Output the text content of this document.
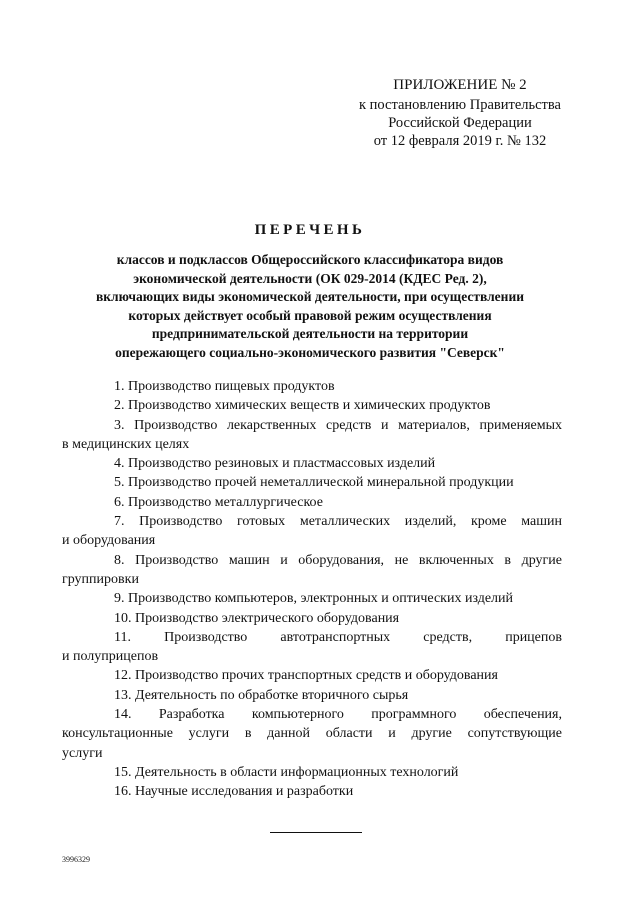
ПРИЛОЖЕНИЕ № 2
к постановлению Правительства
Российской Федерации
от 12 февраля 2019 г. № 132
ПЕРЕЧЕНЬ

классов и подклассов Общероссийского классификатора видов

экономической деятельности (ОК 029-2014 (КДЕС Ред. 2),

включающих виды экономической деятельности, при осуществлении

которых действует особый правовой режим осуществления

предпринимательской деятельности на территории

опережающего социально-экономического развития "Северск"

1. Производство пищевых продуктов
2. Производство химических веществ и химических продуктов
3. Производство лекарственных средств и материалов, применяемых
в медицинских целях
4. Производство резиновых и пластмассовых изделий
5. Производство прочей неметаллической минеральной продукции
6. Производство металлургическое
7. Производство готовых металлических изделий, кроме машин
и оборудования
8. Производство машин и оборудования, не включенных в другие
группировки
9. Производство компьютеров, электронных и оптических изделий
10. Производство электрического оборудования
11. Производство автотранспортных средств, прицепов
и полуприцепов
12. Производство прочих транспортных средств и оборудования
13. Деятельность по обработке вторичного сырья
14. Разработка компьютерного программного обеспечения,
консультационные услуги в данной области и другие сопутствующие
услуги
15. Деятельность в области информационных технологий
16. Научные исследования и разработки
3996329
